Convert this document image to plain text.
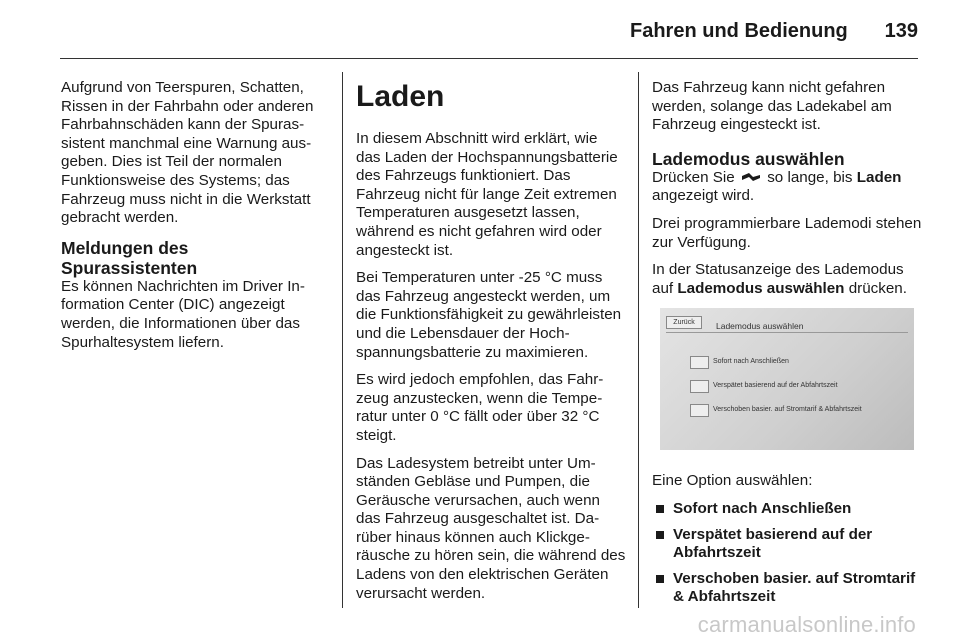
Fahren und Bedienung 139

Aufgrund von Teerspuren, Schatten, Rissen in der Fahrbahn oder anderen Fahrbahnschäden kann der Spurassistent manchmal eine Warnung ausgeben. Dies ist Teil der normalen Funktionsweise des Systems; das Fahrzeug muss nicht in die Werkstatt gebracht werden.

Meldungen des Spurassistenten

Es können Nachrichten im Driver Information Center (DIC) angezeigt werden, die Informationen über das Spurhaltesystem liefern.

Laden

In diesem Abschnitt wird erklärt, wie das Laden der Hochspannungsbatterie des Fahrzeugs funktioniert. Das Fahrzeug nicht für lange Zeit extremen Temperaturen ausgesetzt lassen, während es nicht gefahren wird oder angesteckt ist.

Bei Temperaturen unter -25 °C muss das Fahrzeug angesteckt werden, um die Funktionsfähigkeit zu gewährleisten und die Lebensdauer der Hochspannungsbatterie zu maximieren.

Es wird jedoch empfohlen, das Fahrzeug anzustecken, wenn die Temperatur unter 0 °C fällt oder über 32 °C steigt.

Das Ladesystem betreibt unter Umständen Gebläse und Pumpen, die Geräusche verursachen, auch wenn das Fahrzeug ausgeschaltet ist. Darüber hinaus können auch Klickgeräusche zu hören sein, die während des Ladens von den elektrischen Geräten verursacht werden.

Das Fahrzeug kann nicht gefahren werden, solange das Ladekabel am Fahrzeug eingesteckt ist.

Lademodus auswählen

Drücken Sie so lange, bis Laden angezeigt wird.

Drei programmierbare Lademodi stehen zur Verfügung.

In der Statusanzeige des Lademodus auf Lademodus auswählen drücken.

Zurück	Lademodus auswählen
Sofort nach Anschließen
Verspätet basierend auf der Abfahrtszeit
Verschoben basier. auf Stromtarif & Abfahrtszeit

Eine Option auswählen:

Sofort nach Anschließen
Verspätet basierend auf der Abfahrtszeit
Verschoben basier. auf Stromtarif & Abfahrtszeit
carmanualsonline.info
